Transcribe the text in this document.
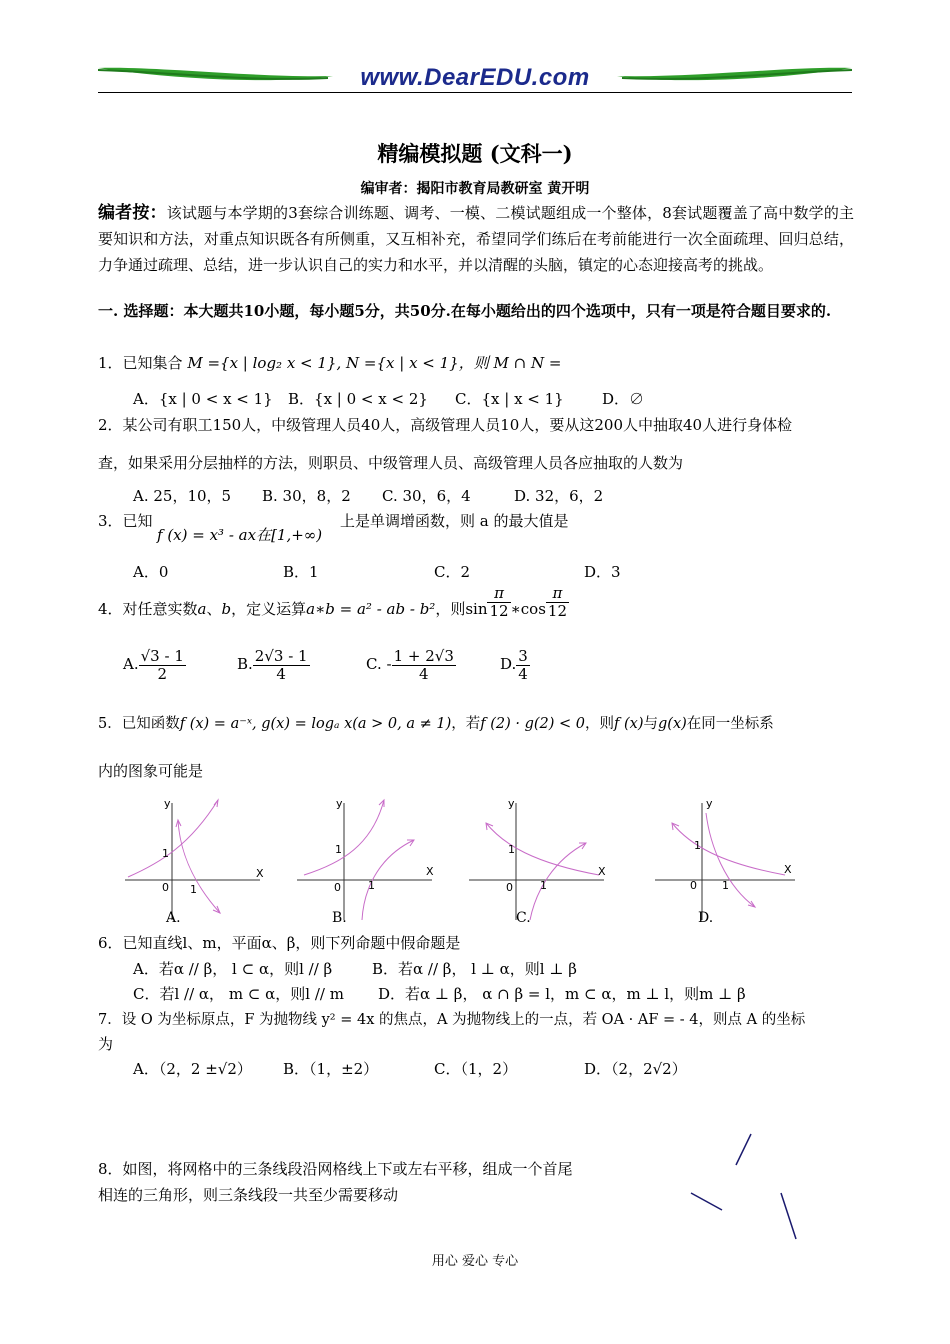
www.DearEDU.com
精编模拟题 (文科一)
编审者：揭阳市教育局教研室 黄开明
编者按：该试题与本学期的3套综合训练题、调考、一模、二模试题组成一个整体，8套试题覆盖了高中数学的主要知识和方法，对重点知识既各有所侧重，又互相补充，希望同学们练后在考前能进行一次全面疏理、回归总结，力争通过疏理、总结，进一步认识自己的实力和水平，并以清醒的头脑，镇定的心态迎接高考的挑战。
一. 选择题：本大题共10小题，每小题5分，共50分.在每小题给出的四个选项中，只有一项是符合题目要求的.
1．已知集合 M ={x | log₂ x < 1}, N ={x | x < 1}，则 M ∩ N =
A．{x | 0 < x < 1} B．{x | 0 < x < 2} C．{x | x < 1}	D．∅
2．某公司有职工150人，中级管理人员40人，高级管理人员10人，要从这200人中抽取40人进行身体检
查，如果采用分层抽样的方法，则职员、中级管理人员、高级管理人员各应抽取的人数为
A. 25，10，5 B. 30，8，2 C. 30，6，4	D. 32，6，2
3．已知
f (x) = x³ - ax在[1,+∞)
上是单调增函数，则 a 的最大值是
A．0	B．1	C．2	D．3
4．对任意实数a、b，定义运算a∗b = a² - ab - b²，则$\sin \frac{\pi}{12}$ ∗cos $\frac{\pi}{12}$
A. $\frac{√3 - 1}{2}$	B. $\frac{2√3 - 1}{4}$	C. - $\frac{1 + 2√3}{4}$	D. $\frac{3}{4}$
5．已知函数f (x) = a⁻ˣ, g(x) = logₐ x(a > 0, a ≠ 1)，若f (2) · g(2) < 0，则f (x)与g(x)在同一坐标系
内的图象可能是
y
X
1
0 1
A.
y
X
1
0 1
B.
y
X
1
0 1
C.
y
X
1
0 1
D.
6．已知直线l、m，平面α、β，则下列命题中假命题是
A．若α // β， l ⊂ α，则l // β	B．若α // β， l ⊥ α，则l ⊥ β
C．若l // α， m ⊂ α，则l // m D．若α ⊥ β， α ∩ β = l，m ⊂ α，m ⊥ l，则m ⊥ β
7．设 O 为坐标原点，F 为抛物线 y² = 4x 的焦点，A 为抛物线上的一点，若 OA · AF = - 4，则点 A 的坐标
为
A．（2，2 ±√2） B．（1，±2）	C．（1，2）	D．（2，2√2）
8．如图，将网格中的三条线段沿网格线上下或左右平移，组成一个首尾
相连的三角形，则三条线段一共至少需要移动
用心 爱心 专心
